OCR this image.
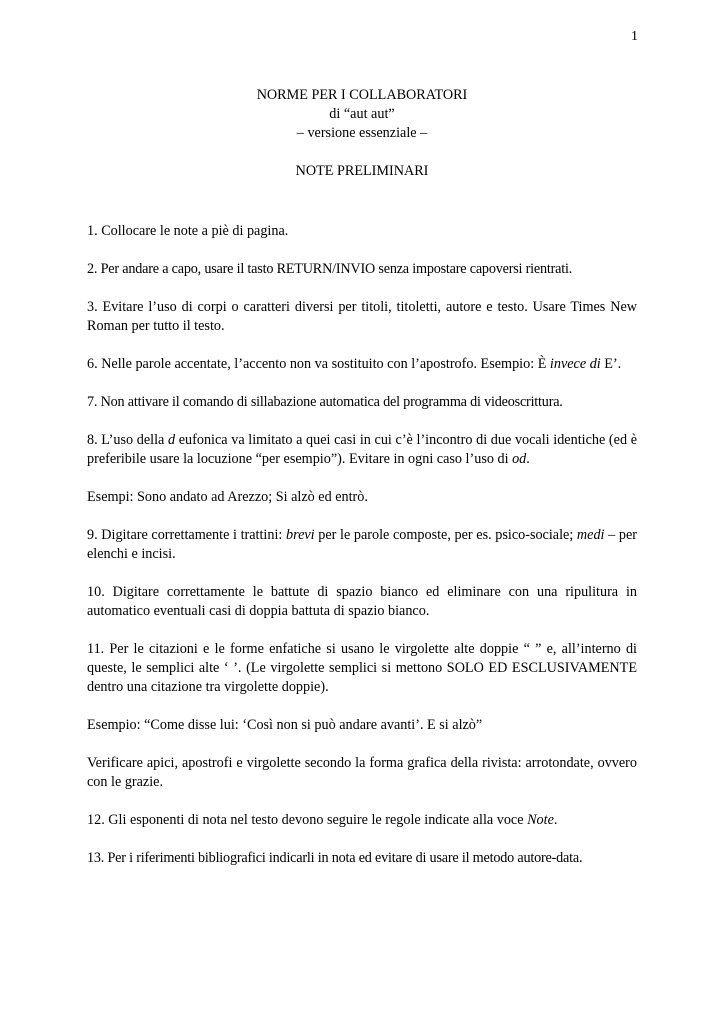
1
NORME PER I COLLABORATORI
di “aut aut”
– versione essenziale –
NOTE PRELIMINARI

1. Collocare le note a piè di pagina.

2. Per andare a capo, usare il tasto RETURN/INVIO senza impostare capoversi rientrati.

3. Evitare l’uso di corpi o caratteri diversi per titoli, titoletti, autore e testo. Usare Times New Roman per tutto il testo.

6. Nelle parole accentate, l’accento non va sostituito con l’apostrofo. Esempio: È invece di E’.

7. Non attivare il comando di sillabazione automatica del programma di videoscrittura.

8. L’uso della d eufonica va limitato a quei casi in cui c’è l’incontro di due vocali identiche (ed è preferibile usare la locuzione “per esempio”). Evitare in ogni caso l’uso di od.

Esempi: Sono andato ad Arezzo; Si alzò ed entrò.

9. Digitare correttamente i trattini: brevi per le parole composte, per es. psico-sociale; medi – per elenchi e incisi.

10. Digitare correttamente le battute di spazio bianco ed eliminare con una ripulitura in automatico eventuali casi di doppia battuta di spazio bianco.

11. Per le citazioni e le forme enfatiche si usano le virgolette alte doppie “ ” e, all’interno di queste, le semplici alte ‘ ’. (Le virgolette semplici si mettono SOLO ED ESCLUSIVAMENTE dentro una citazione tra virgolette doppie).

Esempio: “Come disse lui: ‘Così non si può andare avanti’. E si alzò”

Verificare apici, apostrofi e virgolette secondo la forma grafica della rivista: arrotondate, ovvero con le grazie.

12. Gli esponenti di nota nel testo devono seguire le regole indicate alla voce Note.

13. Per i riferimenti bibliografici indicarli in nota ed evitare di usare il metodo autore-data.
